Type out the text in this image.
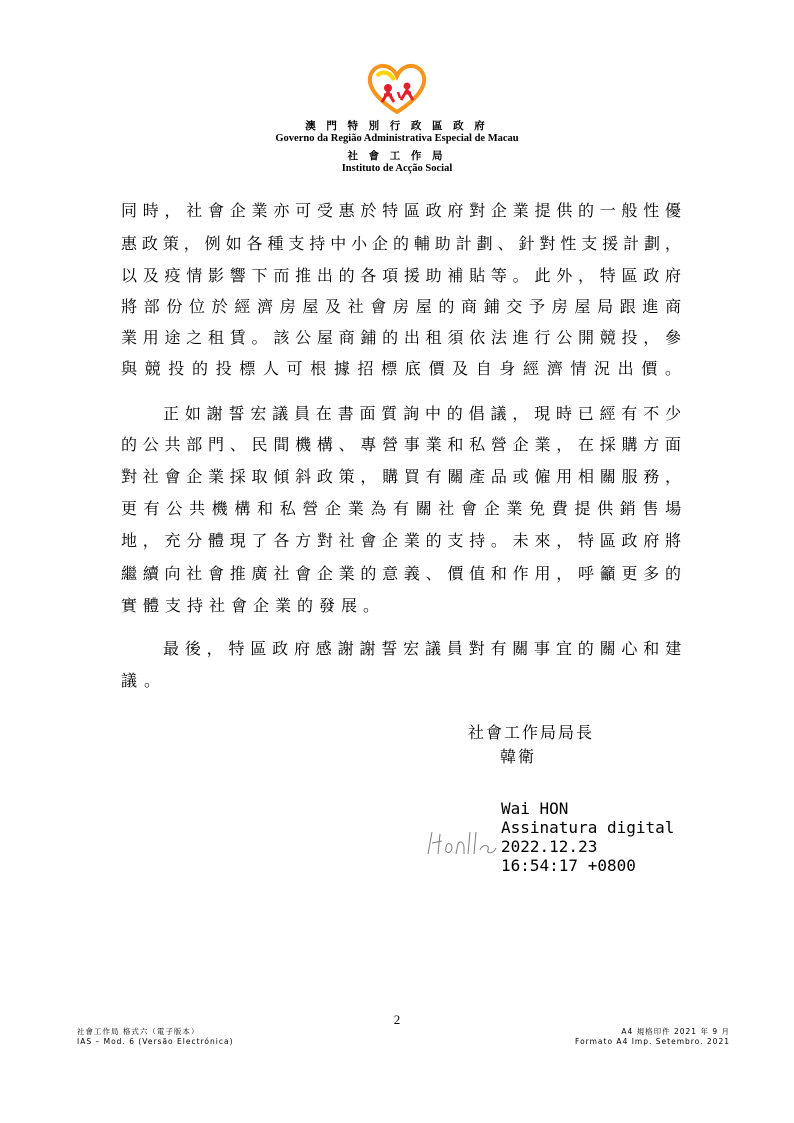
澳 門 特 別 行 政 區 政 府
Governo da Região Administrativa Especial de Macau
社 會 工 作 局
Instituto de Acção Social
同時，社會企業亦可受惠於特區政府對企業提供的一般性優
惠政策，例如各種支持中小企的輔助計劃、針對性支援計劃，
以及疫情影響下而推出的各項援助補貼等。此外，特區政府
將部份位於經濟房屋及社會房屋的商鋪交予房屋局跟進商
業用途之租賃。該公屋商鋪的出租須依法進行公開競投，參
與競投的投標人可根據招標底價及自身經濟情況出價。
正如謝誓宏議員在書面質詢中的倡議，現時已經有不少
的公共部門、民間機構、專營事業和私營企業，在採購方面
對社會企業採取傾斜政策，購買有關產品或僱用相關服務，
更有公共機構和私營企業為有關社會企業免費提供銷售場
地，充分體現了各方對社會企業的支持。未來，特區政府將
繼續向社會推廣社會企業的意義、價值和作用，呼籲更多的
實體支持社會企業的發展。
最後，特區政府感謝謝誓宏議員對有關事宜的關心和建
議。
社會工作局局長
韓衛
Wai HON
Assinatura digital
2022.12.23
16:54:17 +0800
2
社會工作局 格式六（電子版本）
IAS – Mod. 6 (Versão Electrónica)
A4 規格印件 2021 年 9 月
Formato A4 Imp. Setembro. 2021
